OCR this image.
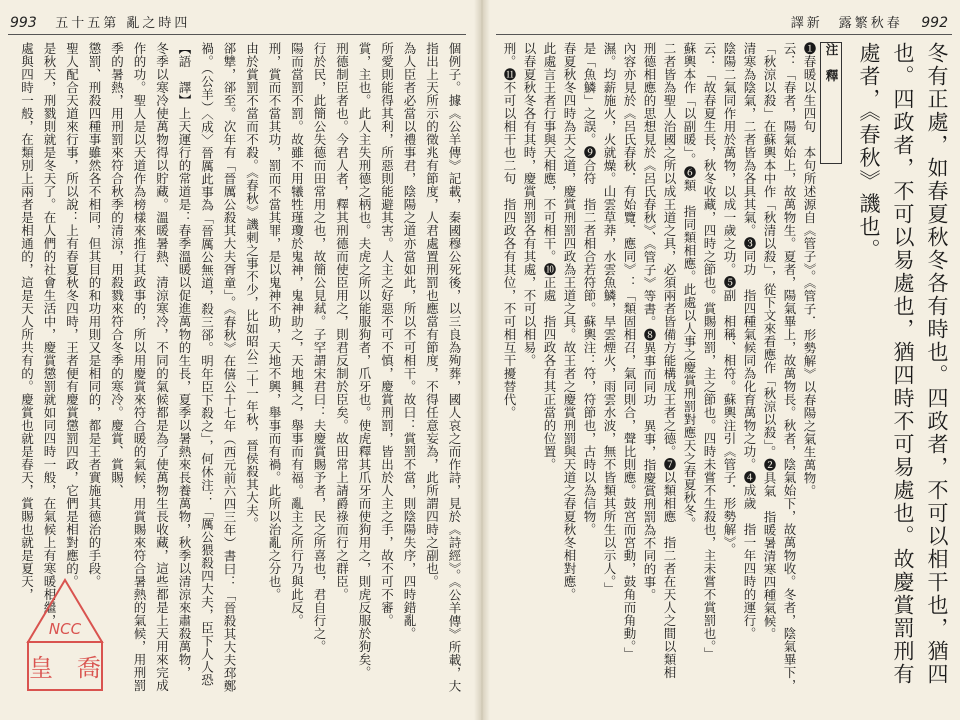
993 五十五第 亂之時四
個例子。據《公羊傳》記載，秦國穆公死後，以三良為殉葬，國人哀之而作詩，見於《詩經》。《公羊傳》所載，大
指出上天所示的徵兆有節度，人君處置刑罰也應當有節度，不得任意妄為，此所謂四時之副也。
為人臣者必當以禮事君，陰陽之道亦當如此，所以不可相干。故曰：賞罰不當，則陰陽失序，四時錯亂。
所愛則能得其利，所惡則能避其害。人主之好惡不可不慎，慶賞刑罰，皆出於人主之手，故不可不審。
賞，主也。此人主失刑德之柄也。夫虎之所以能服狗者，爪牙也。使虎釋其爪牙而使狗用之，則虎反服於狗矣。
刑德制臣者也。今君人者，釋其刑德而使臣用之，則君反制於臣矣。故田常上請爵祿而行之群臣。
行於民，此簡公失德而田常用之也，故簡公見弒。子罕謂宋君曰：夫慶賞賜予者，民之所喜也，君自行之。
陽而當罰不罰。故雖不用犧牲瑾瓊於鬼神，鬼神助之，天地興之，舉事而有福。亂主之所行乃與此反。
刑，賞而不當其功，罰而不當其罪，是以鬼神不助，天地不興，舉事而有禍。此所以治亂之分也。
由於賞罰不當而不殺。《春秋》譏刺之事不少，比如昭公二十一年秋，晉侯殺其大夫。
郤犨，郤至。次年有「晉厲公殺其大夫胥童」。《春秋》在僖公十七年（西元前六四三年）書曰：「晉殺其大夫邳鄭
禍。（公羊）〈成〉晉厲此事為「晉厲公無道，殺三郤。明年臣下殺之」，何休注：「厲公猥殺四大夫，臣下人人恐
【語　譯】上天運行的常道是：春季溫暖以促進萬物的生長，夏季以暑熱來長養萬物，秋季以清涼來肅殺萬物，
冬季以寒冷使萬物得以貯藏。溫暖暑熱、清涼寒冷，不同的氣候都是為了使萬物生長收藏，這些都是上天用來完成
作的功。聖人是以天道作為榜樣來推行其政事的，所以用慶賞來符合暖的氣候，用賞賜來符合暑熱的氣候，用刑罰
季的暑熱，用刑罰來符合秋季的清涼，用殺戮來符合冬季的寒冷。慶賞、賞賜、
懲罰、刑殺四種事雖然各不相同，但其目的和功用則又是相同的，都是王者實施其德治的手段。
聖人配合天道來行事，所以說：上有春夏秋冬四時，王者便有慶賞懲罰四政，它們是相對應的。
是秋天，刑戮則就是冬天了。在人們的社會生活中，慶賞懲罰就如同四時一般，在氣候上有寒暖相繼，
處與四時一般，在類別上兩者是相通的，這是天人所共有的。慶賞也就是春天，賞賜也就是夏天，
譯新　露繁秋春 992
冬有正處，如春夏秋冬各有時也。四政者，不可以相干也，猶四
也。四政者，不可以易處也，猶四時不可易處也。故慶賞罰刑有
處者，《春秋》譏也。
注　釋
❶春暖以生四句　本句所述源自《管子》。《管子．形勢解》以春陽之氣生萬物。
云：「春者，陽氣始上，故萬物生。夏者，陽氣畢上，故萬物長。秋者，陰氣始下，故萬物收。冬者，陰氣畢下，
「秋涼以殺」在蘇輿本中作「秋清以殺」，從下文來看應作「秋涼以殺」。❷具氣　指暖暑清寒四種氣候。
清寒為陰氣，二者皆為各具其氣。❸同功　指四種氣候同為化育萬物之功。❹成歲　指一年四時的運行。
陰陽二氣同作用於萬物，以成一歲之功。❺副　相稱、相符。蘇輿注引《管子．形勢解》。
云：「故春夏生長，秋冬收藏，四時之節也。賞賜刑罰，主之節也。四時未嘗不生殺也，主未嘗不賞罰也。」
蘇輿本作「以副暖」。❻類　指同類相應。此處以人事之慶賞刑罰對應天之春夏秋冬。
二者皆為聖人治國之所以成王道之具，必須兩者皆備方能構成王者之德。❼以類相應　指二者在天人之間以類相
刑德相應的思想見於《呂氏春秋》、《管子》等書。❽異事而同功　異事，指慶賞刑罰為不同的事。
內容亦見於《呂氏春秋．有始覽．應同》：「類固相召，氣同則合，聲比則應。鼓宮而宮動，鼓角而角動。」
濕。均薪施火，火就燥。山雲草莽，水雲魚鱗，旱雲煙火，雨雲水波，無不皆類其所生以示人。」
是「魚鱗」之誤。❾合符　指二者相合若符節。蘇輿注：符，符節也，古時以為信物。
春夏秋冬四時為天之道，慶賞刑罰四政為王道之具。故王者之慶賞刑罰與天道之春夏秋冬相對應。
此處言王者行事與天相應，不可相干。❿正處　指四政各有其正當的位置。
以春夏秋冬各有其時，慶賞刑罰各有其處，不可以相易。
刑。⓫不可以相干也二句　指四政各有其位，不可相互干擾替代。
NCC
皇　喬
